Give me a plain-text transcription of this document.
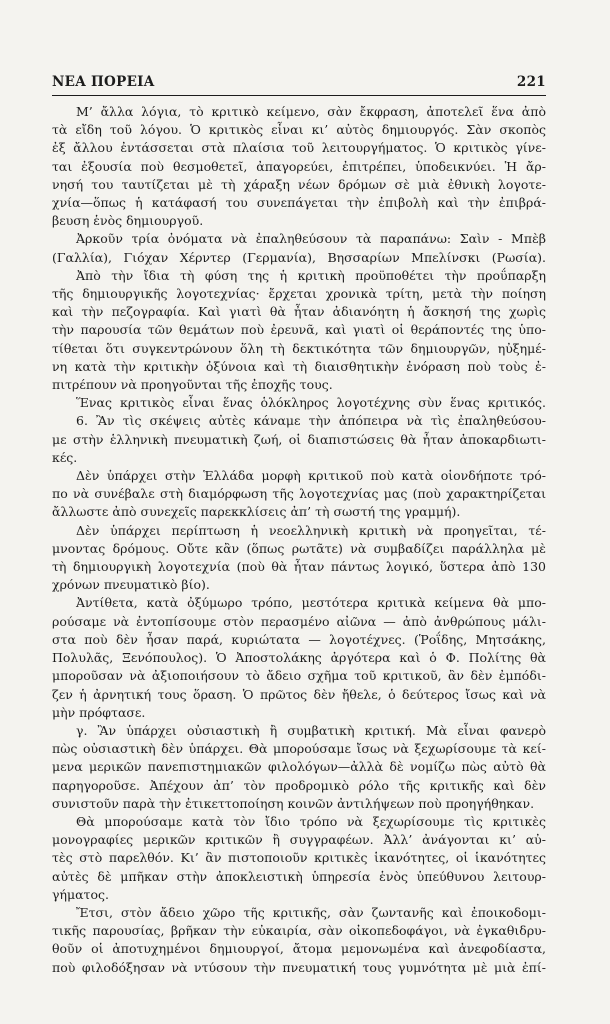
ΝΕΑ ΠΟΡΕΙΑ	221
Μ’ ἄλλα λόγια, τὸ κριτικὸ κείμενο, σὰν ἔκφραση, ἀποτελεῖ ἕνα ἀπὸ
τὰ εἴδη τοῦ λόγου. Ὁ κριτικὸς εἶναι κι’ αὐτὸς δημιουργός. Σὰν σκοπὸς
ἐξ ἄλλου ἐντάσσεται στὰ πλαίσια τοῦ λειτουργήματος. Ὁ κριτικὸς γίνε-
ται ἐξουσία ποὺ θεσμοθετεῖ, ἀπαγορεύει, ἐπιτρέπει, ὑποδεικνύει. Ἡ ἄρ-
νησή του ταυτίζεται μὲ τὴ χάραξη νέων δρόμων σὲ μιὰ ἐθνικὴ λογοτε-
χνία—ὅπως ἡ κατάφασή του συνεπάγεται τὴν ἐπιβολὴ καὶ τὴν ἐπιβρά-
βευση ἑνὸς δημιουργοῦ.
Ἀρκοῦν τρία ὀνόματα νὰ ἐπαληθεύσουν τὰ παραπάνω: Σαὶν - Μπὲβ
(Γαλλία), Γιόχαν Χέρντερ (Γερμανία), Βησσαρίων Μπελίνσκι (Ρωσία).
Ἀπὸ τὴν ἴδια τὴ φύση της ἡ κριτικὴ προϋποθέτει τὴν προΰπαρξη
τῆς δημιουργικῆς λογοτεχνίας· ἔρχεται χρονικὰ τρίτη, μετὰ τὴν ποίηση
καὶ τὴν πεζογραφία. Καὶ γιατὶ θὰ ἦταν ἀδιανόητη ἡ ἄσκησή της χωρὶς
τὴν παρουσία τῶν θεμάτων ποὺ ἐρευνᾶ, καὶ γιατὶ οἱ θεράποντές της ὑπο-
τίθεται ὅτι συγκεντρώνουν ὅλη τὴ δεκτικότητα τῶν δημιουργῶν, ηὐξημέ-
νη κατὰ τὴν κριτικὴν ὀξύνοια καὶ τὴ διαισθητικὴν ἐνόραση ποὺ τοὺς ἐ-
πιτρέπουν νὰ προηγοῦνται τῆς ἐποχῆς τους.
Ἕνας κριτικὸς εἶναι ἕνας ὁλόκληρος λογοτέχνης σὺν ἕνας κριτικός.
6. Ἂν τὶς σκέψεις αὐτὲς κάναμε τὴν ἀπόπειρα νὰ τὶς ἐπαληθεύσου-
με στὴν ἑλληνικὴ πνευματικὴ ζωή, οἱ διαπιστώσεις θὰ ἦταν ἀποκαρδιωτι-
κές.
Δὲν ὑπάρχει στὴν Ἑλλάδα μορφὴ κριτικοῦ ποὺ κατὰ οἱονδήποτε τρό-
πο νὰ συνέβαλε στὴ διαμόρφωση τῆς λογοτεχνίας μας (ποὺ χαρακτηρίζεται
ἄλλωστε ἀπὸ συνεχεῖς παρεκκλίσεις ἀπ’ τὴ σωστή της γραμμή).
Δὲν ὑπάρχει περίπτωση ἡ νεοελληνικὴ κριτικὴ νὰ προηγεῖται, τέ-
μνοντας δρόμους. Οὔτε κἂν (ὅπως ρωτᾶτε) νὰ συμβαδίζει παράλληλα μὲ
τὴ δημιουργικὴ λογοτεχνία (ποὺ θὰ ἦταν πάντως λογικό, ὕστερα ἀπὸ 130
χρόνων πνευματικὸ βίο).
Ἀντίθετα, κατὰ ὀξύμωρο τρόπο, μεστότερα κριτικὰ κείμενα θὰ μπο-
ρούσαμε νὰ ἐντοπίσουμε στὸν περασμένο αἰῶνα — ἀπὸ ἀνθρώπους μάλι-
στα ποὺ δὲν ἦσαν παρά, κυριώτατα — λογοτέχνες. (Ῥοΐδης, Μητσάκης,
Πολυλᾶς, Ξενόπουλος). Ὁ Ἀποστολάκης ἀργότερα καὶ ὁ Φ. Πολίτης θὰ
μποροῦσαν νὰ ἀξιοποιήσουν τὸ ἄδειο σχῆμα τοῦ κριτικοῦ, ἂν δὲν ἐμπόδι-
ζεν ἡ ἀρνητική τους ὅραση. Ὁ πρῶτος δὲν ἤθελε, ὁ δεύτερος ἴσως καὶ νὰ
μὴν πρόφτασε.
γ. Ἂν ὑπάρχει οὐσιαστικὴ ἢ συμβατικὴ κριτική. Μὰ εἶναι φανερὸ
πὼς οὐσιαστικὴ δὲν ὑπάρχει. Θὰ μπορούσαμε ἴσως νὰ ξεχωρίσουμε τὰ κεί-
μενα μερικῶν πανεπιστημιακῶν φιλολόγων—ἀλλὰ δὲ νομίζω πὼς αὐτὸ θὰ
παρηγοροῦσε. Ἀπέχουν ἀπ’ τὸν προδρομικὸ ρόλο τῆς κριτικῆς καὶ δὲν
συνιστοῦν παρὰ τὴν ἐτικεττοποίηση κοινῶν ἀντιλήψεων ποὺ προηγήθηκαν.
Θὰ μπορούσαμε κατὰ τὸν ἴδιο τρόπο νὰ ξεχωρίσουμε τὶς κριτικὲς
μονογραφίες μερικῶν κριτικῶν ἢ συγγραφέων. Ἀλλ’ ἀνάγονται κι’ αὐ-
τὲς στὸ παρελθόν. Κι’ ἂν πιστοποιοῦν κριτικὲς ἱκανότητες, οἱ ἱκανότητες
αὐτὲς δὲ μπῆκαν στὴν ἀποκλειστικὴ ὑπηρεσία ἑνὸς ὑπεύθυνου λειτουρ-
γήματος.
Ἔτσι, στὸν ἄδειο χῶρο τῆς κριτικῆς, σὰν ζωντανῆς καὶ ἐποικοδομι-
τικῆς παρουσίας, βρῆκαν τὴν εὐκαιρία, σὰν οἰκοπεδοφάγοι, νὰ ἐγκαθιδρυ-
θοῦν οἱ ἀποτυχημένοι δημιουργοί, ἄτομα μεμονωμένα καὶ ἀνεφοδίαστα,
ποὺ φιλοδόξησαν νὰ ντύσουν τὴν πνευματική τους γυμνότητα μὲ μιὰ ἐπί-
